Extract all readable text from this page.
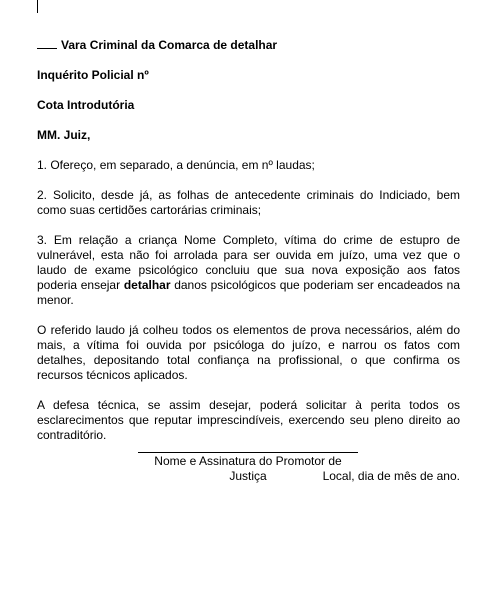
Vara Criminal da Comarca de detalhar

Inquérito Policial nº

Cota Introdutória

MM. Juiz,

1. Ofereço, em separado, a denúncia, em nº laudas;

2. Solicito, desde já, as folhas de antecedente criminais do Indiciado, bem como suas certidões cartorárias criminais;

3. Em relação a criança Nome Completo, vítima do crime de estupro de vulnerável, esta não foi arrolada para ser ouvida em juízo, uma vez que o laudo de exame psicológico concluiu que sua nova exposição aos fatos poderia ensejar detalhar danos psicológicos que poderiam ser encadeados na menor.

O referido laudo já colheu todos os elementos de prova necessários, além do mais, a vítima foi ouvida por psicóloga do juízo, e narrou os fatos com detalhes, depositando total confiança na profissional, o que confirma os recursos técnicos aplicados.

A defesa técnica, se assim desejar, poderá solicitar à perita todos os esclarecimentos que reputar imprescindíveis, exercendo seu pleno direito ao contraditório.

Local, dia de mês de ano.

Nome e Assinatura do Promotor de Justiça
